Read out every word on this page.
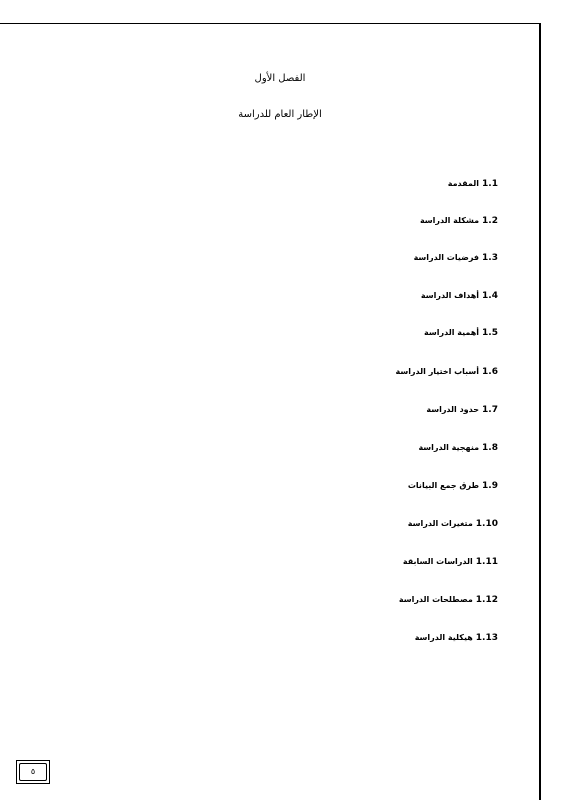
الفصل الأول
الإطار العام للدراسة
1.1المقدمة
1.2مشكلة الدراسة
1.3فرضيات الدراسة
1.4أهداف الدراسة
1.5أهمية الدراسة
1.6أسباب اختيار الدراسة
1.7حدود الدراسة
1.8منهجية الدراسة
1.9طرق جمع البيانات
1.10متغيرات الدراسة
1.11الدراسات السابقة
1.12مصطلحات الدراسة
1.13هيكلية الدراسة
٥
